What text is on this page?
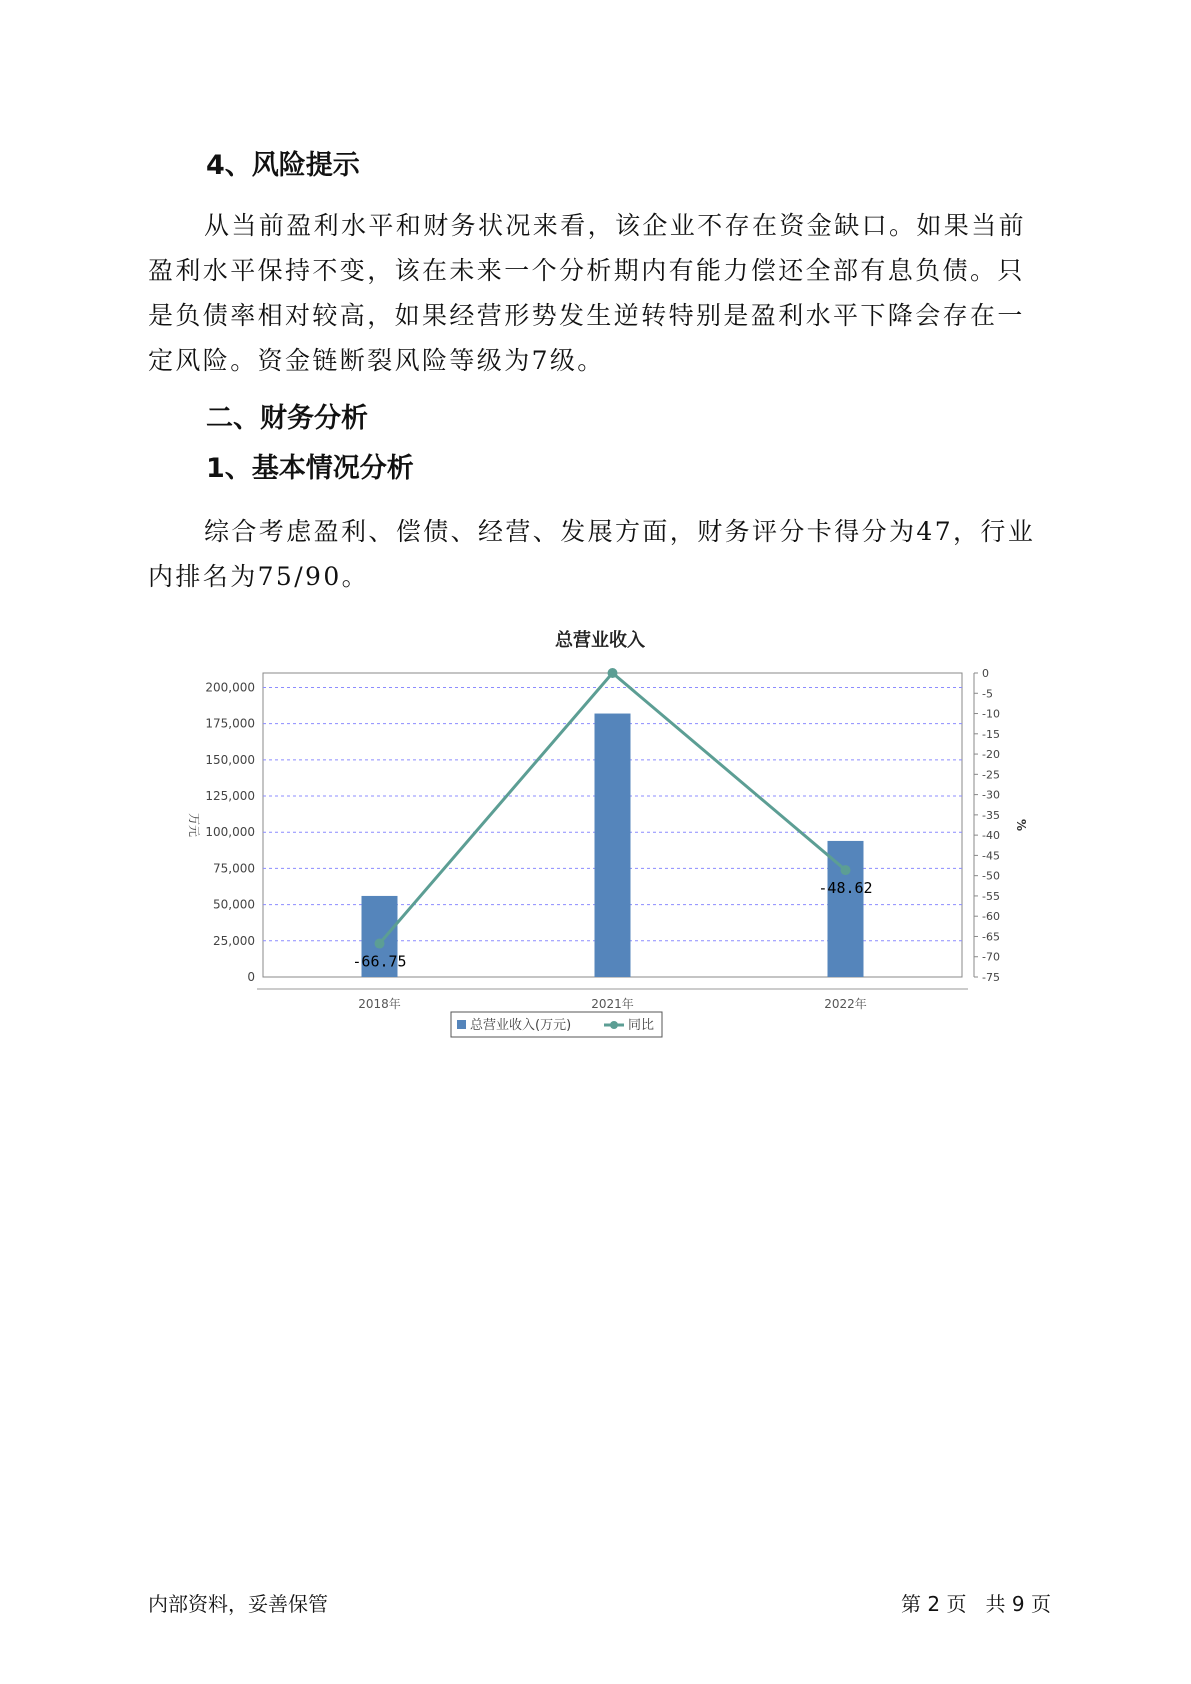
4、风险提示

从当前盈利水平和财务状况来看，该企业不存在资金缺口。如果当前盈利水平保持不变，该在未来一个分析期内有能力偿还全部有息负债。只是负债率相对较高，如果经营形势发生逆转特别是盈利水平下降会存在一定风险。资金链断裂风险等级为7级。

二、财务分析
1、基本情况分析

综合考虑盈利、偿债、经营、发展方面，财务评分卡得分为47，行业内排名为75/90。

总营业收入
-66.75
-48.62
0
25,000
50,000
75,000
100,000
125,000
150,000
175,000
200,000
万元
0
-5
-10
-15
-20
-25
-30
-35
-40
-45
-50
-55
-60
-65
-70
-75
%
2018年	2021年	2022年
总营业收入(万元)	同比
内部资料，妥善保管	第 2 页   共 9 页
